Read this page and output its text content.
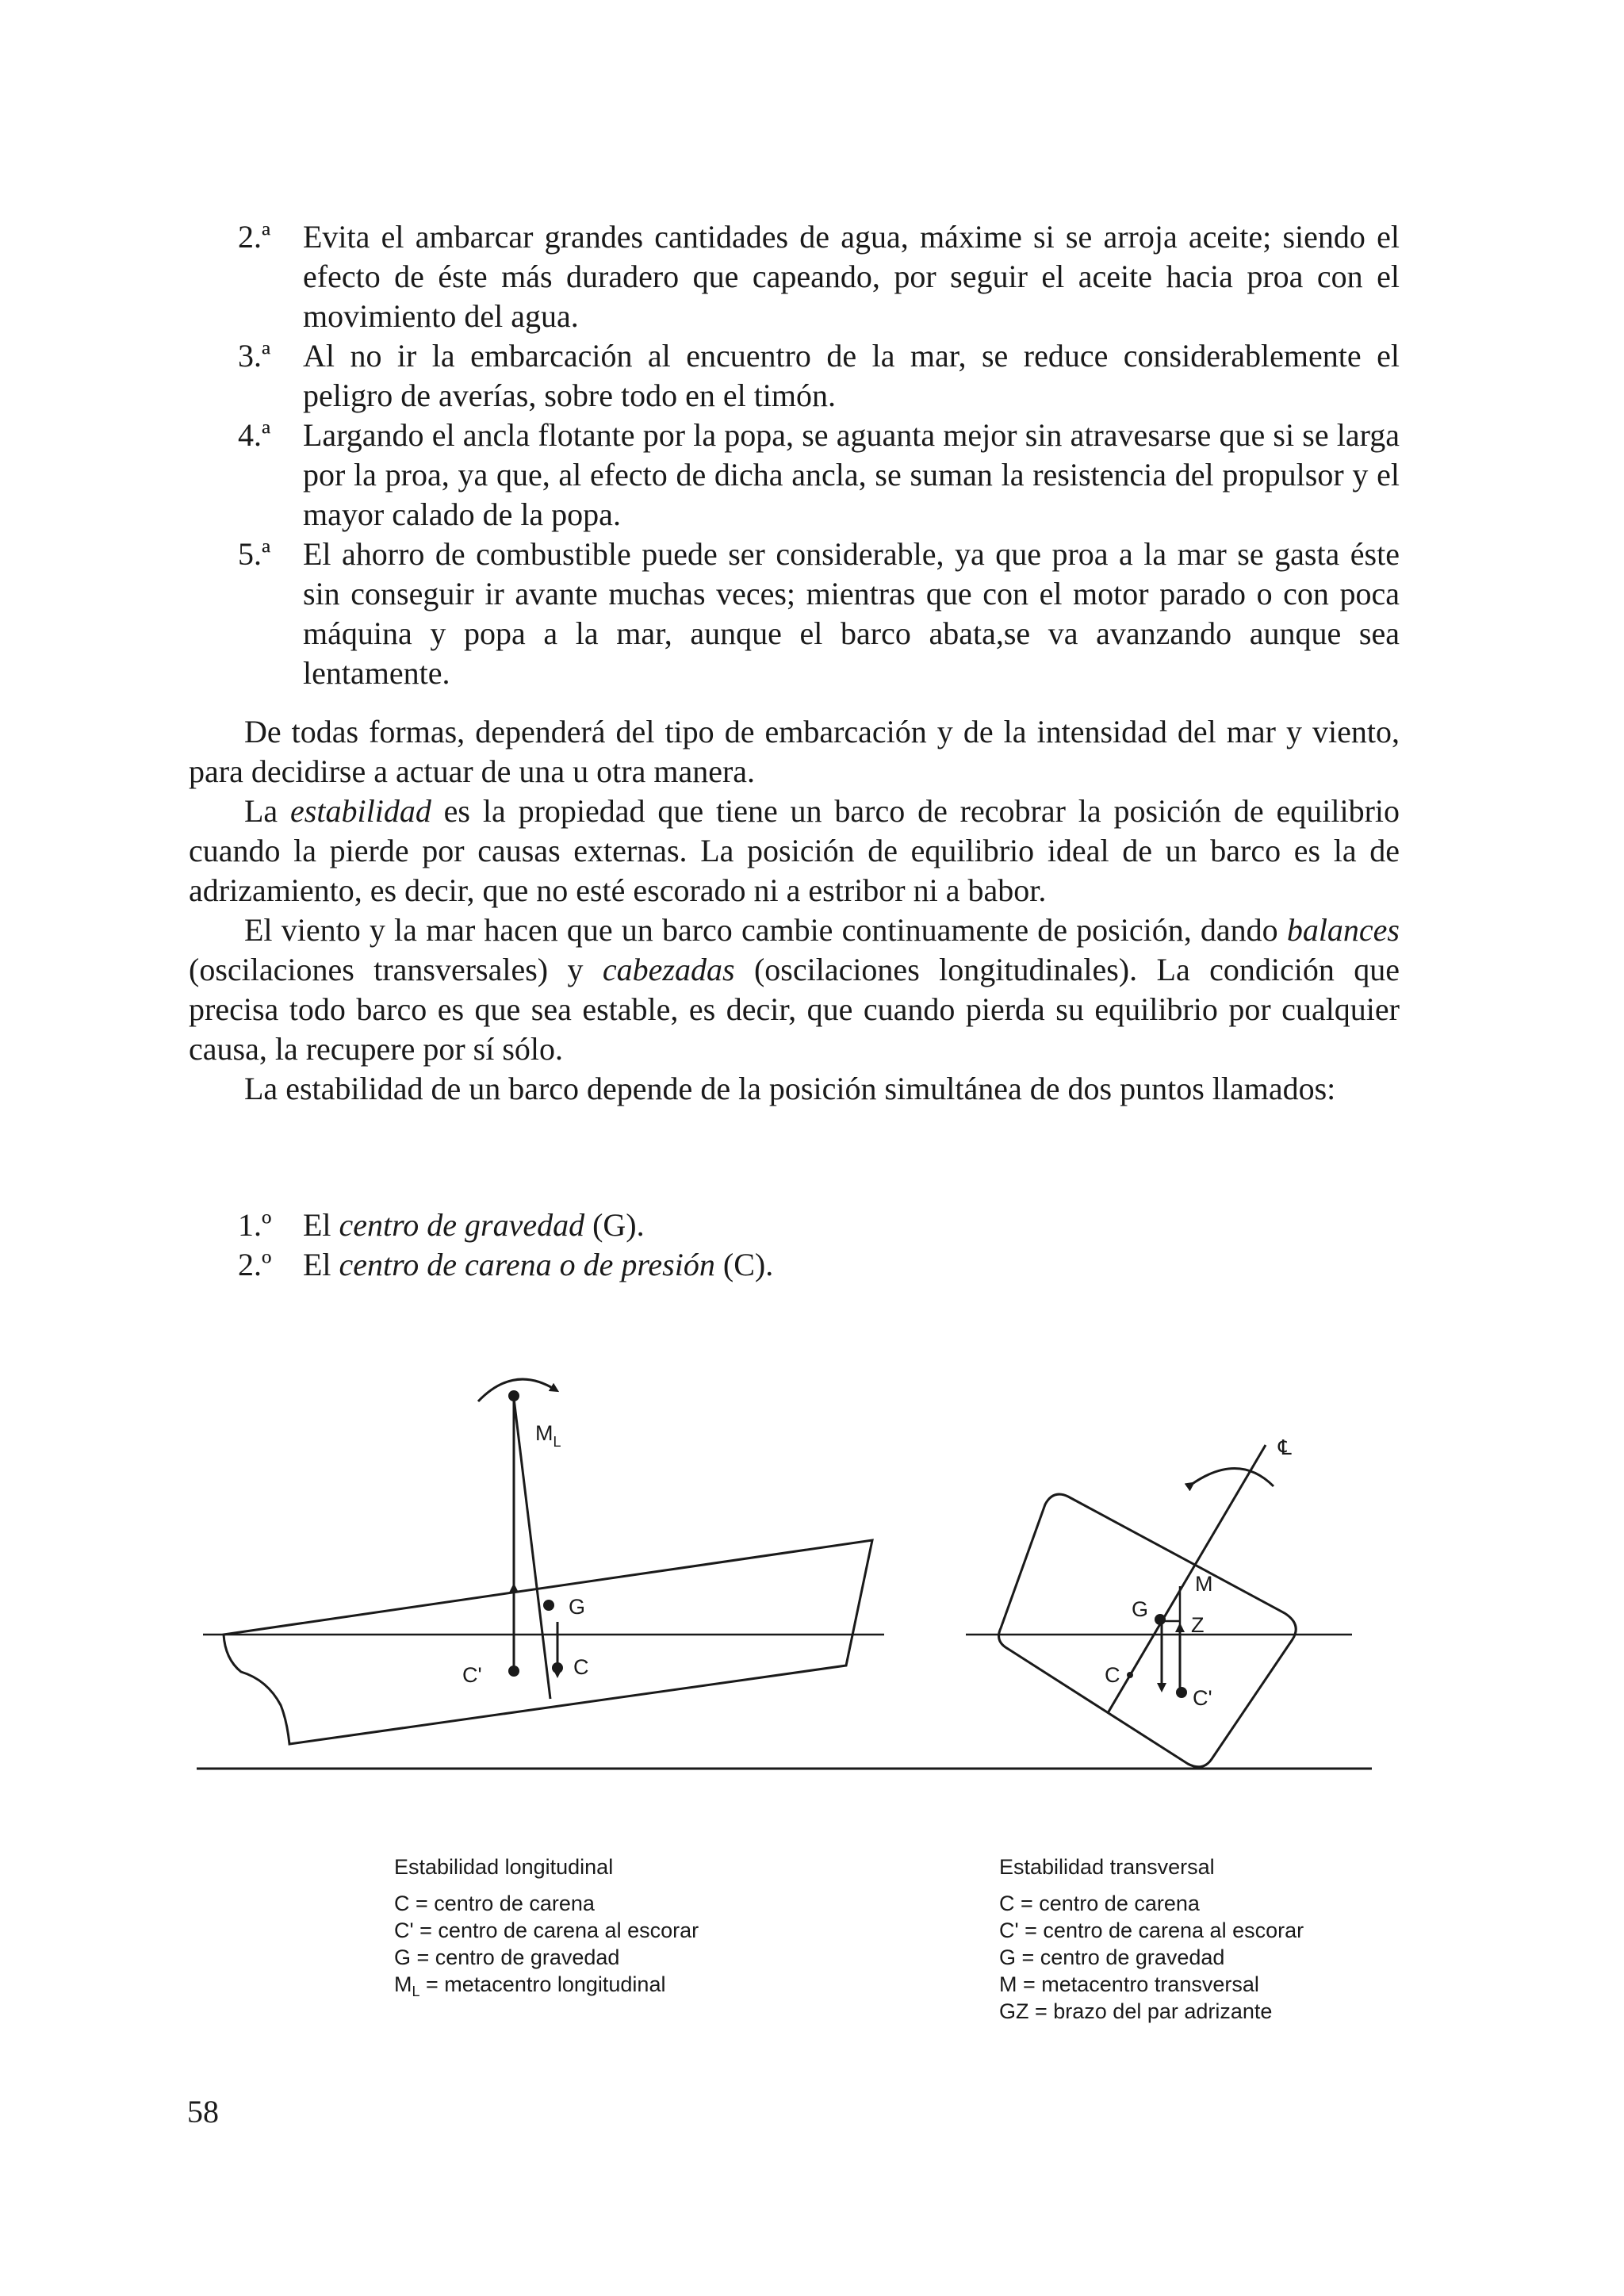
2.ª Evita el ambarcar grandes cantidades de agua, máxime si se arroja aceite; siendo el efecto de éste más duradero que capeando, por seguir el aceite hacia proa con el movimiento del agua.
3.ª Al no ir la embarcación al encuentro de la mar, se reduce considerablemente el peligro de averías, sobre todo en el timón.
4.ª Largando el ancla flotante por la popa, se aguanta mejor sin atravesarse que si se larga por la proa, ya que, al efecto de dicha ancla, se suman la resistencia del propulsor y el mayor calado de la popa.
5.ª El ahorro de combustible puede ser considerable, ya que proa a la mar se gasta éste sin conseguir ir avante muchas veces; mientras que con el motor parado o con poca máquina y popa a la mar, aunque el barco abata,se va avanzando aunque sea lentamente.

De todas formas, dependerá del tipo de embarcación y de la intensidad del mar y viento, para decidirse a actuar de una u otra manera.

La estabilidad es la propiedad que tiene un barco de recobrar la posición de equilibrio cuando la pierde por causas externas. La posición de equilibrio ideal de un barco es la de adrizamiento, es decir, que no esté escorado ni a estribor ni a babor.

El viento y la mar hacen que un barco cambie continuamente de posición, dando balances (oscilaciones transversales) y cabezadas (oscilaciones longitudinales). La condición que precisa todo barco es que sea estable, es decir, que cuando pierda su equilibrio por cualquier causa, la recupere por sí sólo.

La estabilidad de un barco depende de la posición simultánea de dos puntos llamados:

1.º El centro de gravedad (G).
2.º El centro de carena o de presión (C).
$M_L$
G
C
C'
℄
M
G
Z
C
C'
Estabilidad longitudinal
C = centro de carena
C' = centro de carena al escorar
G = centro de gravedad
$M_L$ = metacentro longitudinal
Estabilidad transversal
C = centro de carena
C' = centro de carena al escorar
G = centro de gravedad
M = metacentro transversal
GZ = brazo del par adrizante
58
